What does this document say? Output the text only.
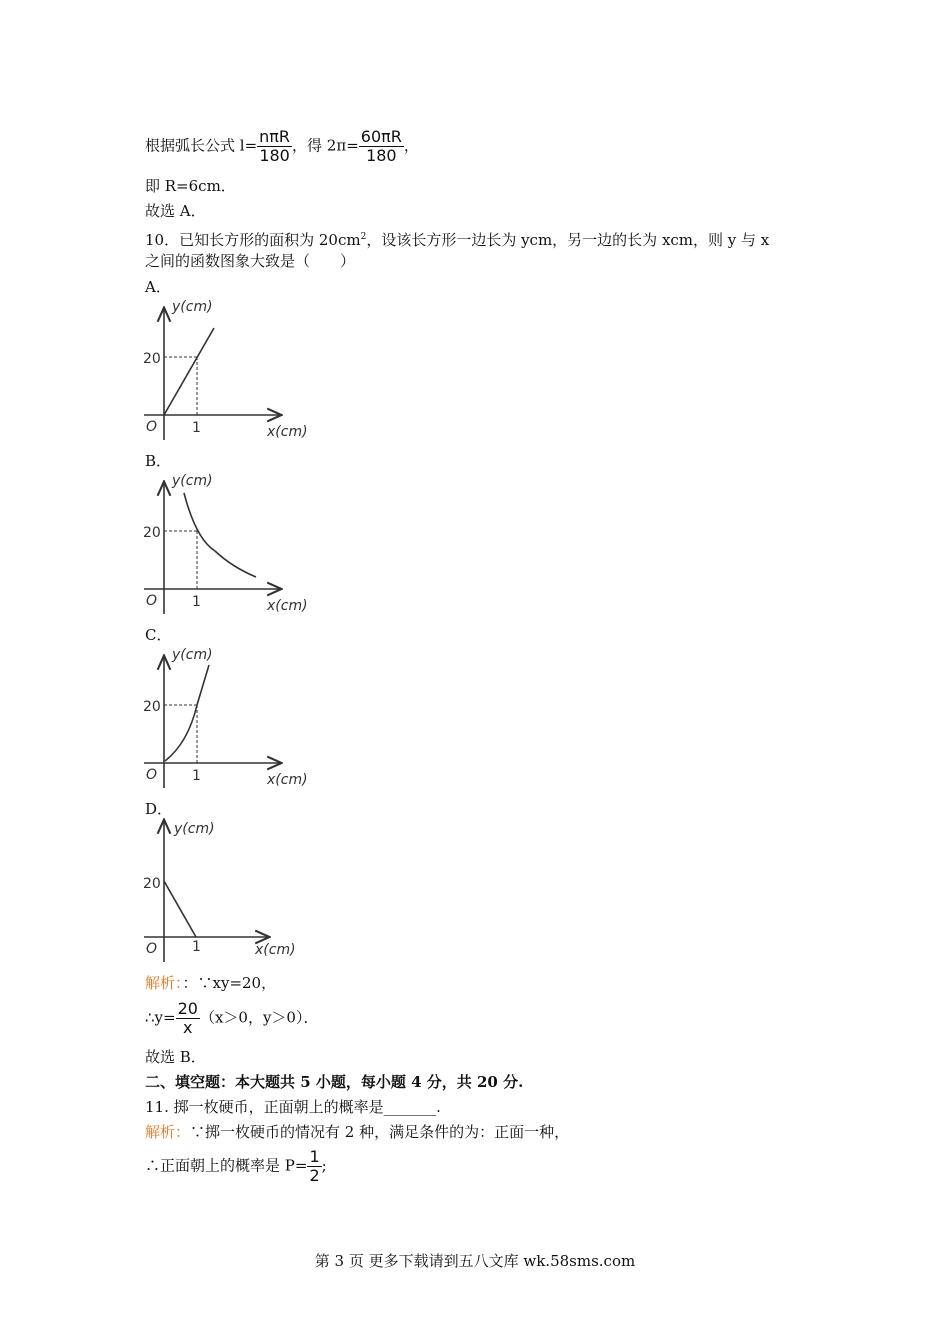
根据弧长公式 $l= \frac{\text{nπR}}{180}$ ，得 $2\pi= \frac{60\pi R}{180}$ ，
即 R=6cm．
故选 A．
10．已知长方形的面积为 $20cm^2$，设该长方形一边长为 ycm，另一边的长为 xcm，则 y 与 x
之间的函数图象大致是（　　）
A．
y(cm)
x(cm)
O
20
1
B．
y(cm)
x(cm)
O
20
1
C．
y(cm)
x(cm)
O
20
1
D．
y(cm)
x(cm)
O
20
1
解析：：∵xy=20，
∴y= $\frac{20}{x} (x>0$，y＞0）．
故选 B．
二、填空题：本大题共 5 小题，每小题 4 分，共 20 分.
11. 掷一枚硬币，正面朝上的概率是_______.
解析：∵掷一枚硬币的情况有 2 种，满足条件的为：正面一种，
∴正面朝上的概率是 $P= \frac{1}{2}$ ;
第 3 页 更多下载请到五八文库 wk.58sms.com
